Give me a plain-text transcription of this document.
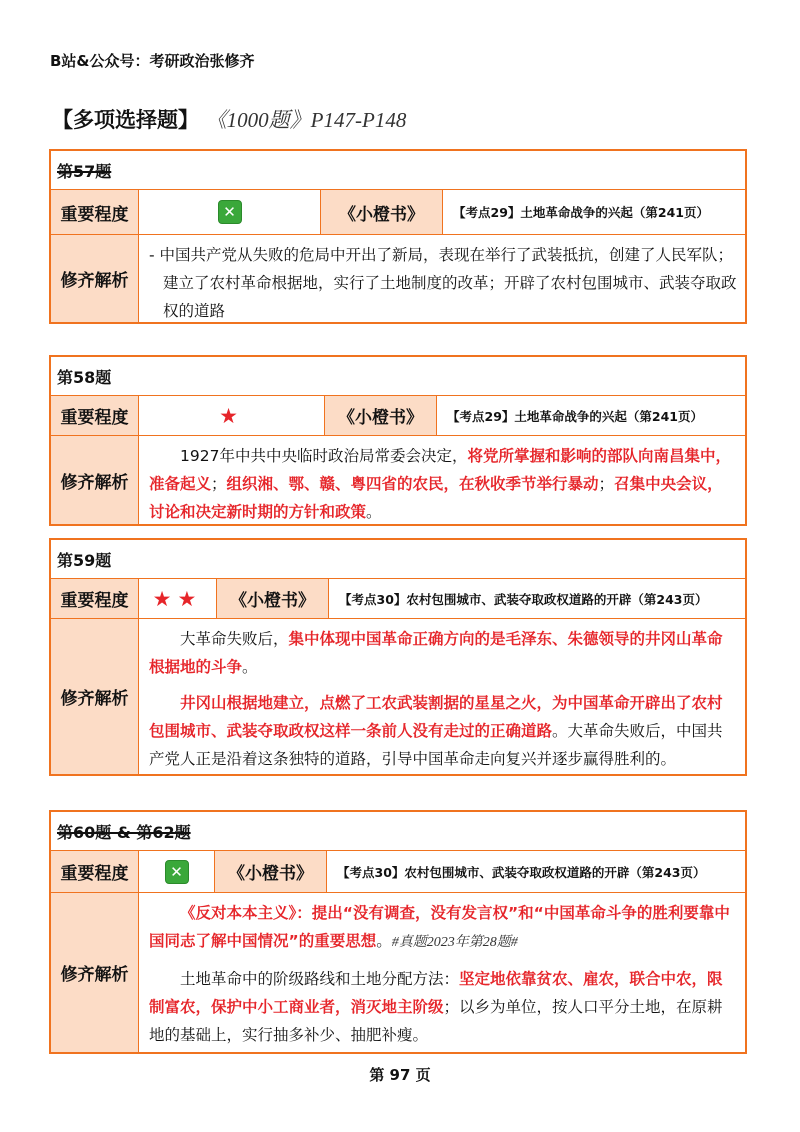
B站&公众号：考研政治张修齐
【多项选择题】 《1000题》P147-P148
第57题
重要程度	✕	《小橙书》	【考点29】土地革命战争的兴起（第241页）
修齐解析

- 中国共产党从失败的危局中开出了新局，表现在举行了武装抵抗，创建了人民军队；建立了农村革命根据地，实行了土地制度的改革；开辟了农村包围城市、武装夺取政权的道路

第58题
重要程度	★	《小橙书》	【考点29】土地革命战争的兴起（第241页）
修齐解析

1927年中共中央临时政治局常委会决定，将党所掌握和影响的部队向南昌集中，准备起义；组织湘、鄂、赣、粤四省的农民，在秋收季节举行暴动；召集中央会议，讨论和决定新时期的方针和政策。

第59题
重要程度	★★	《小橙书》	【考点30】农村包围城市、武装夺取政权道路的开辟（第243页）
修齐解析

大革命失败后，集中体现中国革命正确方向的是毛泽东、朱德领导的井冈山革命根据地的斗争。

井冈山根据地建立，点燃了工农武装割据的星星之火，为中国革命开辟出了农村包围城市、武装夺取政权这样一条前人没有走过的正确道路。大革命失败后，中国共产党人正是沿着这条独特的道路，引导中国革命走向复兴并逐步赢得胜利的。

第60题 & 第62题
重要程度	✕	《小橙书》	【考点30】农村包围城市、武装夺取政权道路的开辟（第243页）
修齐解析

《反对本本主义》：提出“没有调查，没有发言权”和“中国革命斗争的胜利要靠中国同志了解中国情况”的重要思想。#真题2023年第28题#

土地革命中的阶级路线和土地分配方法：坚定地依靠贫农、雇农，联合中农，限制富农，保护中小工商业者，消灭地主阶级；以乡为单位，按人口平分土地，在原耕地的基础上，实行抽多补少、抽肥补瘦。

第 97 页
